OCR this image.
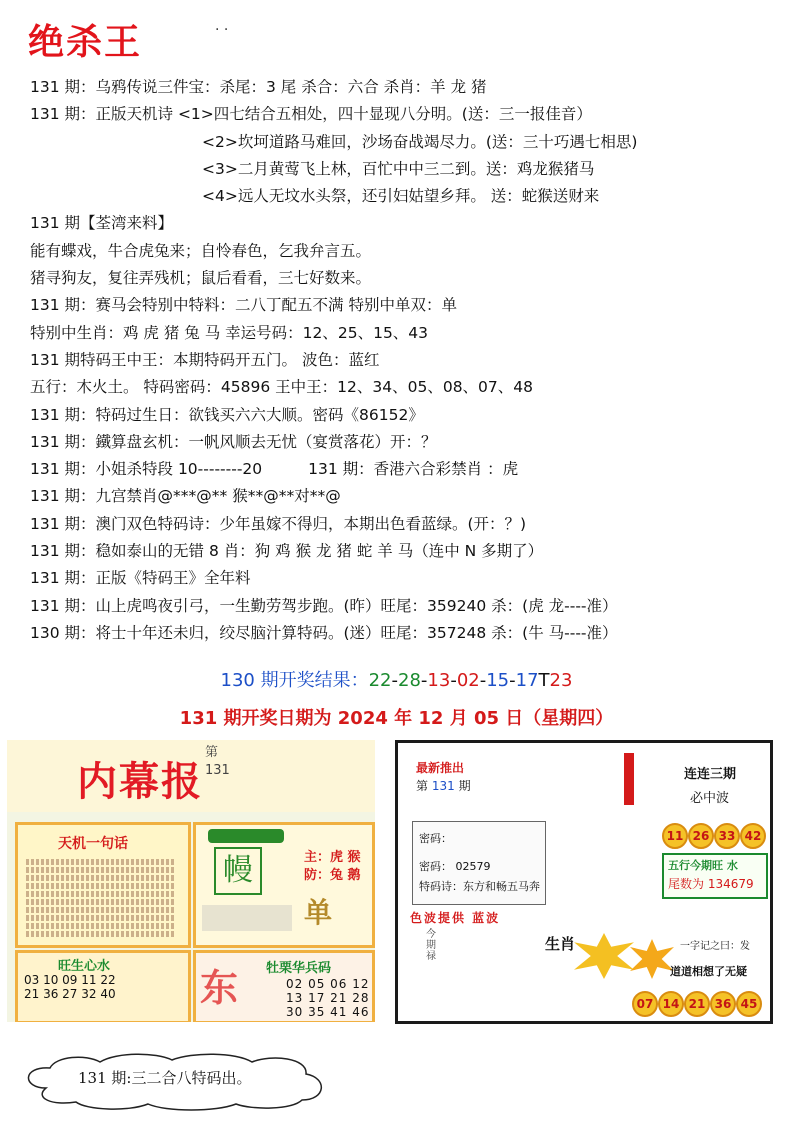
绝杀王	· ·
131 期：乌鸦传说三件宝：杀尾：3 尾 杀合：六合 杀肖：羊 龙 猪
131 期：正版天机诗 <1>四七结合五相处，四十显现八分明。(送：三一报佳音）
<2>坎坷道路马难回，沙场奋战竭尽力。(送：三十巧遇七相思)
<3>二月黄莺飞上林，百忙中中三二到。送：鸡龙猴猪马
<4>远人无坟水头祭，还引妇姑望乡拜。 送：蛇猴送财来
131 期【荃湾来料】
能有蝶戏，牛合虎兔来；自怜春色，乞我弁言五。
猪寻狗友，复往弄残机；鼠后看看，三七好数来。
131 期：赛马会特别中特料：二八丁配五不满 特别中单双：单
特别中生肖：鸡 虎 猪 兔 马 幸运号码：12、25、15、43
131 期特码王中王：本期特码开五门。 波色：蓝红
五行：木火土。 特码密码：45896 王中王：12、34、05、08、07、48
131 期：特码过生日：欲钱买六六大顺。密码《86152》
131 期：鐵算盘玄机：一帆风顺去无忧（宴赏落花）开：？
131 期：小姐杀特段 10--------20	131 期：香港六合彩禁肖 ：虎
131 期：九宫禁肖@***@** 猴**@**对**@
131 期：澳门双色特码诗：少年虽嫁不得归，本期出色看蓝绿。(开：？)
131 期：稳如泰山的无错 8 肖：狗 鸡 猴 龙 猪 蛇 羊 马（连中 N 多期了）
131 期：正版《特码王》全年料
131 期：山上虎鸣夜引弓，一生勤劳驾步跑。(昨）旺尾：359240 杀：(虎 龙----准）
130 期：将士十年还未归，绞尽脑汁算特码。(迷）旺尾：357248 杀：(牛 马----准）
130 期开奖结果：22-28-13-02-15-17T23
131 期开奖日期为 2024 年 12 月 05 日（星期四）
内幕报
第 131
天机一句话
幔	主：虎 猴
防：兔 鹅
单
旺生心水
03 10 09 11 22
21 36 27 32 40 东 牡栗华兵码
02 05 06 12
13 17 21 28
30 35 41 46
最新推出
第 131 期
连连三期
必中波
密码：
密码： 02579
特码诗：东方和畅五马奔
11 26 33 42
五行今期旺 水
尾数为 134679
色波提供 蓝波
今期禄
生肖	一字记之曰：发
道道相想了无疑
07 14 21 36 45
131 期:三二合八特码出。
